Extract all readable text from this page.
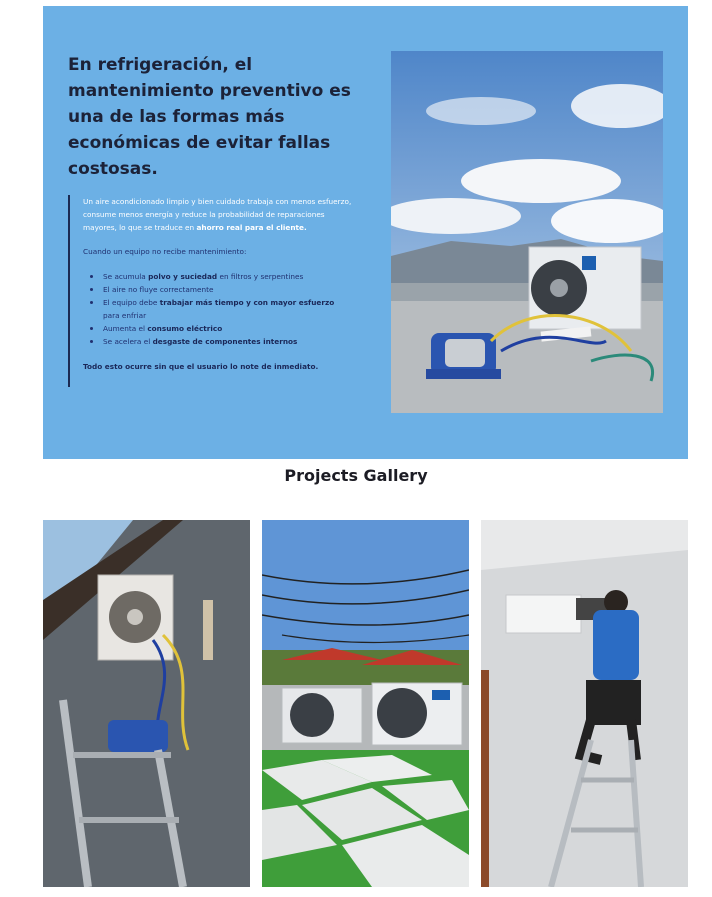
En refrigeración, el mantenimiento preventivo es una de las formas más económicas de evitar fallas costosas.

Un aire acondicionado limpio y bien cuidado trabaja con menos esfuerzo, consume menos energía y reduce la probabilidad de reparaciones mayores, lo que se traduce en ahorro real para el cliente.

Cuando un equipo no recibe mantenimiento:

Se acumula polvo y suciedad en filtros y serpentines
El aire no fluye correctamente
El equipo debe trabajar más tiempo y con mayor esfuerzo para enfriar
Aumenta el consumo eléctrico
Se acelera el desgaste de componentes internos

Todo esto ocurre sin que el usuario lo note de inmediato.

Projects Gallery
